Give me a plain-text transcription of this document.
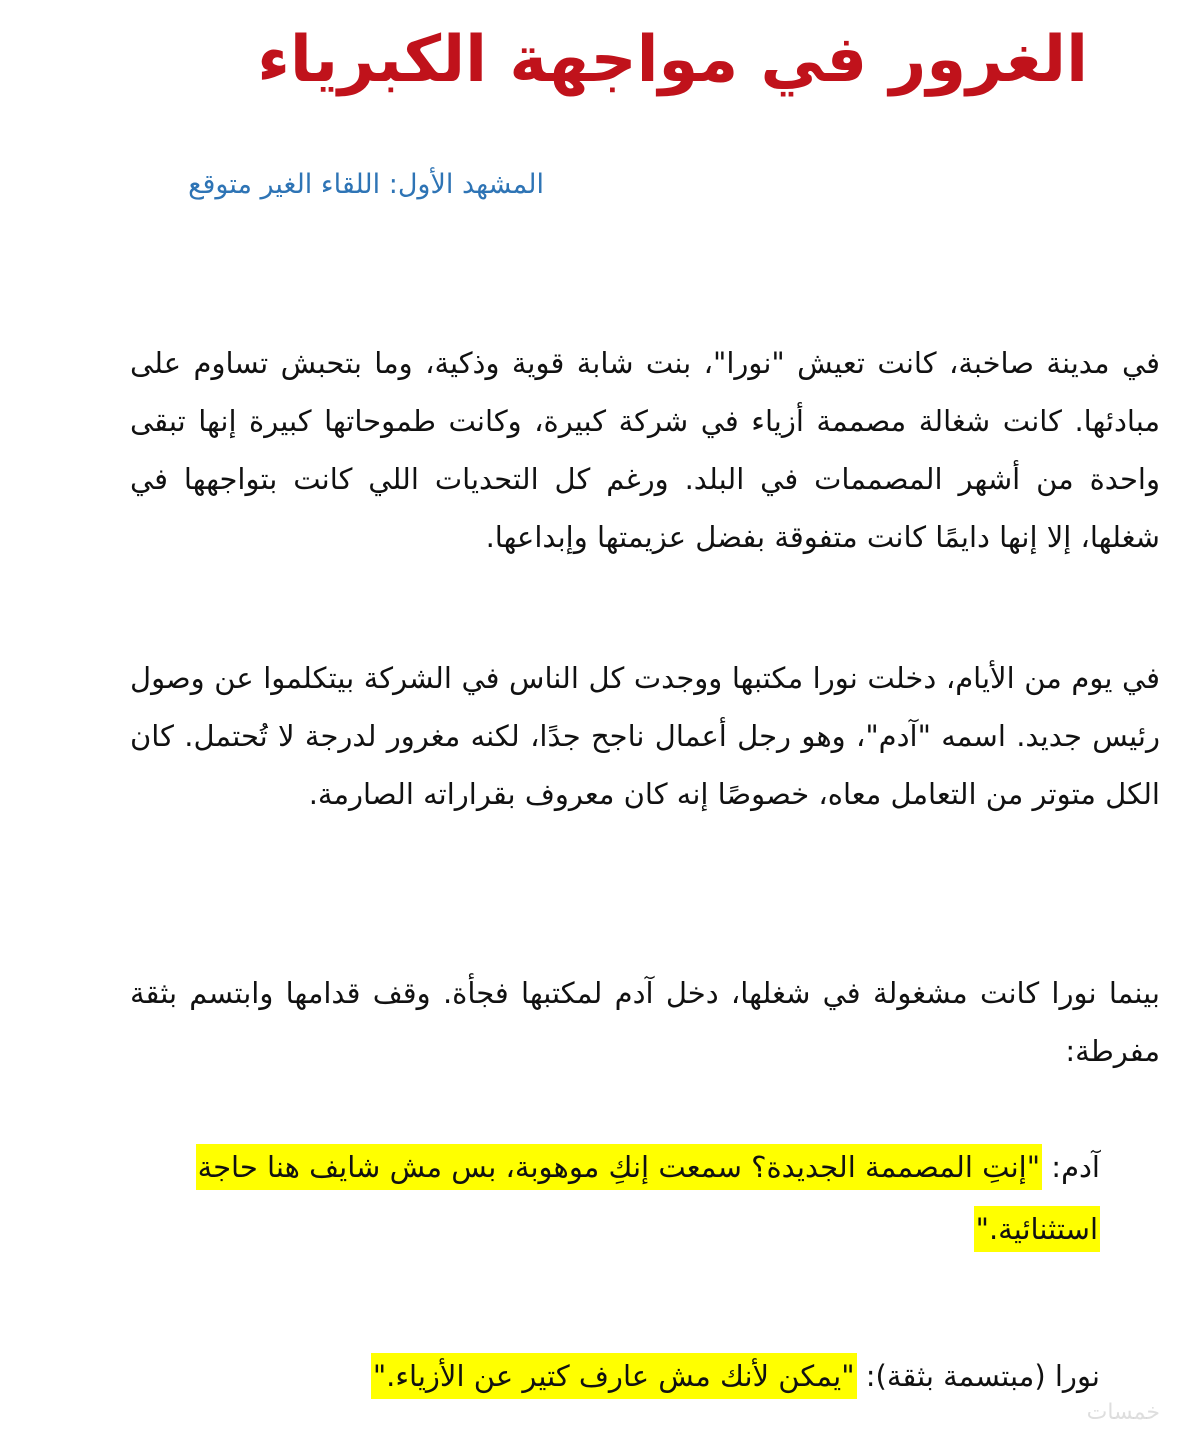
الغرور في مواجهة الكبرياء
المشهد الأول: اللقاء الغير متوقع

في مدينة صاخبة، كانت تعيش "نورا"، بنت شابة قوية وذكية، وما بتحبش تساوم على مبادئها. كانت شغالة مصممة أزياء في شركة كبيرة، وكانت طموحاتها كبيرة إنها تبقى واحدة من أشهر المصممات في البلد. ورغم كل التحديات اللي كانت بتواجهها في شغلها، إلا إنها دايمًا كانت متفوقة بفضل عزيمتها وإبداعها.

في يوم من الأيام، دخلت نورا مكتبها ووجدت كل الناس في الشركة بيتكلموا عن وصول رئيس جديد. اسمه "آدم"، وهو رجل أعمال ناجح جدًا، لكنه مغرور لدرجة لا تُحتمل. كان الكل متوتر من التعامل معاه، خصوصًا إنه كان معروف بقراراته الصارمة.

بينما نورا كانت مشغولة في شغلها، دخل آدم لمكتبها فجأة. وقف قدامها وابتسم بثقة مفرطة:

آدم: "إنتِ المصممة الجديدة؟ سمعت إنكِ موهوبة، بس مش شايف هنا حاجة استثنائية."
نورا (مبتسمة بثقة): "يمكن لأنك مش عارف كتير عن الأزياء."
خمسات
